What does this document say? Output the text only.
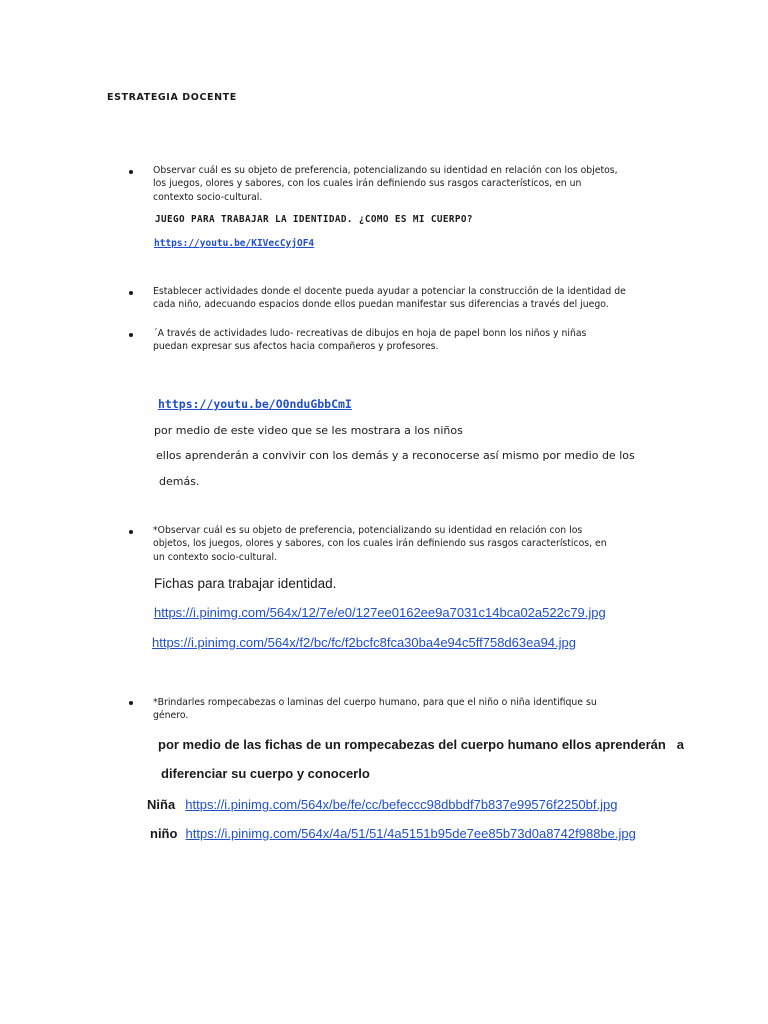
ESTRATEGIA DOCENTE
Observar cuál es su objeto de preferencia, potencializando su identidad en relación con los objetos,
los juegos, olores y sabores, con los cuales irán definiendo sus rasgos característicos, en un
contexto socio-cultural.
JUEGO PARA TRABAJAR LA IDENTIDAD. ¿COMO ES MI CUERPO?
https://youtu.be/KIVecCyjOF4
Establecer actividades donde el docente pueda ayudar a potenciar la construcción de la identidad de
cada niño, adecuando espacios donde ellos puedan manifestar sus diferencias a través del juego.
´A través de actividades ludo- recreativas de dibujos en hoja de papel bonn los niños y niñas
puedan expresar sus afectos hacia compañeros y profesores.
https://youtu.be/O0nduGbbCmI
por medio de este video que se les mostrara a los niños
ellos aprenderán a convivir con los demás y a reconocerse así mismo por medio de los
demás.
*Observar cuál es su objeto de preferencia, potencializando su identidad en relación con los
objetos, los juegos, olores y sabores, con los cuales irán definiendo sus rasgos característicos, en
un contexto socio-cultural.
Fichas para trabajar identidad.
https://i.pinimg.com/564x/12/7e/e0/127ee0162ee9a7031c14bca02a522c79.jpg
https://i.pinimg.com/564x/f2/bc/fc/f2bcfc8fca30ba4e94c5ff758d63ea94.jpg
*Brindarles rompecabezas o laminas del cuerpo humano, para que el niño o niña identifique su
género.
por medio de las fichas de un rompecabezas del cuerpo humano ellos aprenderán   a
diferenciar su cuerpo y conocerlo
Niña https://i.pinimg.com/564x/be/fe/cc/befeccc98dbbdf7b837e99576f2250bf.jpg
niño https://i.pinimg.com/564x/4a/51/51/4a5151b95de7ee85b73d0a8742f988be.jpg
